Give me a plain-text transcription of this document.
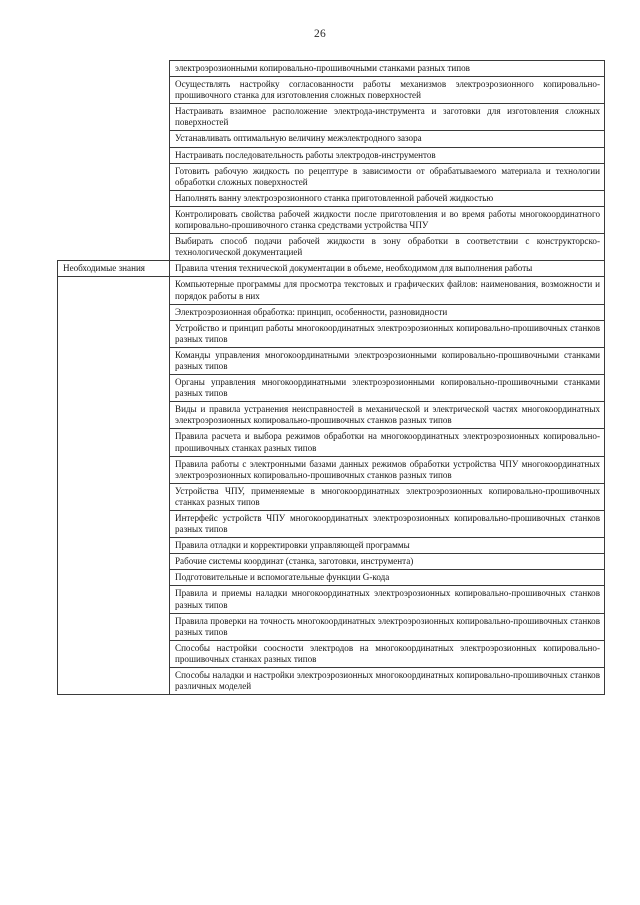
26
	электроэрозионными копировально-прошивочными станками разных типов
	Осуществлять настройку согласованности работы механизмов электроэрозионного копировально-прошивочного станка для изготовления сложных поверхностей
	Настраивать взаимное расположение электрода-инструмента и заготовки для изготовления сложных поверхностей
	Устанавливать оптимальную величину межэлектродного зазора
	Настраивать последовательность работы электродов-инструментов
	Готовить рабочую жидкость по рецептуре в зависимости от обрабатываемого материала и технологии обработки сложных поверхностей
	Наполнять ванну электроэрозионного станка приготовленной рабочей жидкостью
	Контролировать свойства рабочей жидкости после приготовления и во время работы многокоординатного копировально-прошивочного станка средствами устройства ЧПУ
	Выбирать способ подачи рабочей жидкости в зону обработки в соответствии с конструкторско-технологической документацией
Необходимые знания	Правила чтения технической документации в объеме, необходимом для выполнения работы
	Компьютерные программы для просмотра текстовых и графических файлов: наименования, возможности и порядок работы в них
	Электроэрозионная обработка: принцип, особенности, разновидности
	Устройство и принцип работы многокоординатных электроэрозионных копировально-прошивочных станков разных типов
	Команды управления многокоординатными электроэрозионными копировально-прошивочными станками разных типов
	Органы управления многокоординатными электроэрозионными копировально-прошивочными станками разных типов
	Виды и правила устранения неисправностей в механической и электрической частях многокоординатных электроэрозионных копировально-прошивочных станков разных типов
	Правила расчета и выбора режимов обработки на многокоординатных электроэрозионных копировально-прошивочных станках разных типов
	Правила работы с электронными базами данных режимов обработки устройства ЧПУ многокоординатных электроэрозионных копировально-прошивочных станков разных типов
	Устройства ЧПУ, применяемые в многокоординатных электроэрозионных копировально-прошивочных станках разных типов
	Интерфейс устройств ЧПУ многокоординатных электроэрозионных копировально-прошивочных станков разных типов
	Правила отладки и корректировки управляющей программы
	Рабочие системы координат (станка, заготовки, инструмента)
	Подготовительные и вспомогательные функции G-кода
	Правила и приемы наладки многокоординатных электроэрозионных копировально-прошивочных станков разных типов
	Правила проверки на точность многокоординатных электроэрозионных копировально-прошивочных станков разных типов
	Способы настройки соосности электродов на многокоординатных электроэрозионных копировально-прошивочных станках разных типов
	Способы наладки и настройки электроэрозионных многокоординатных копировально-прошивочных станков различных моделей
